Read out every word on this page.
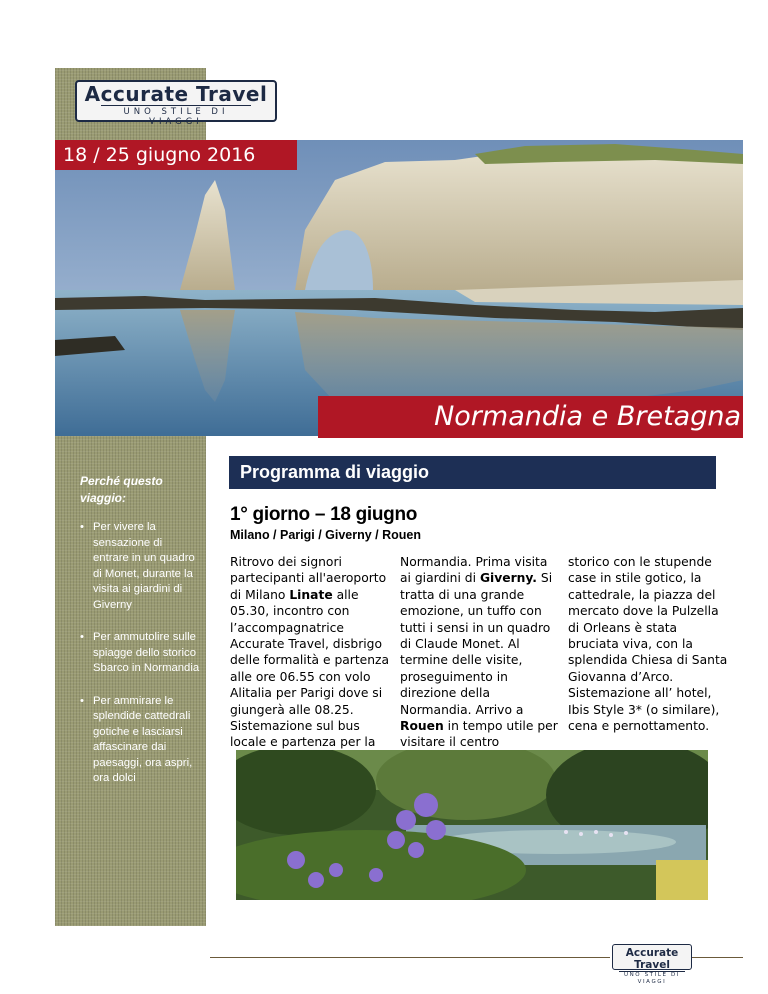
Accurate Travel
UNO STILE DI VIAGGI
18 / 25 giugno 2016
Normandia e Bretagna
Perché questo viaggio:
• Per vivere la sensazione di entrare in un quadro di Monet, durante la visita ai giardini di Giverny
• Per ammutolire sulle spiagge dello storico Sbarco in Normandia
• Per ammirare le splendide cattedrali gotiche e lasciarsi affascinare dai paesaggi, ora aspri, ora dolci
Programma di viaggio
1° giorno – 18 giugno
Milano / Parigi / Giverny / Rouen
Ritrovo dei signori partecipanti all'aeroporto di Milano Linate alle 05.30, incontro con l’accompagnatrice Accurate Travel, disbrigo delle formalità e partenza alle ore 06.55 con volo Alitalia per Parigi dove si giungerà alle 08.25. Sistemazione sul bus locale e partenza per la
Normandia. Prima visita ai giardini di Giverny. Si tratta di una grande emozione, un tuffo con tutti i sensi in un quadro di Claude Monet. Al termine delle visite, proseguimento in direzione della Normandia. Arrivo a Rouen in tempo utile per visitare il centro
storico con le stupende case in stile gotico, la cattedrale, la piazza del mercato dove la Pulzella di Orleans è stata bruciata viva, con la splendida Chiesa di Santa Giovanna d’Arco. Sistemazione all’ hotel, Ibis Style 3* (o similare), cena e pernottamento.
Accurate Travel
UNO STILE DI VIAGGI
